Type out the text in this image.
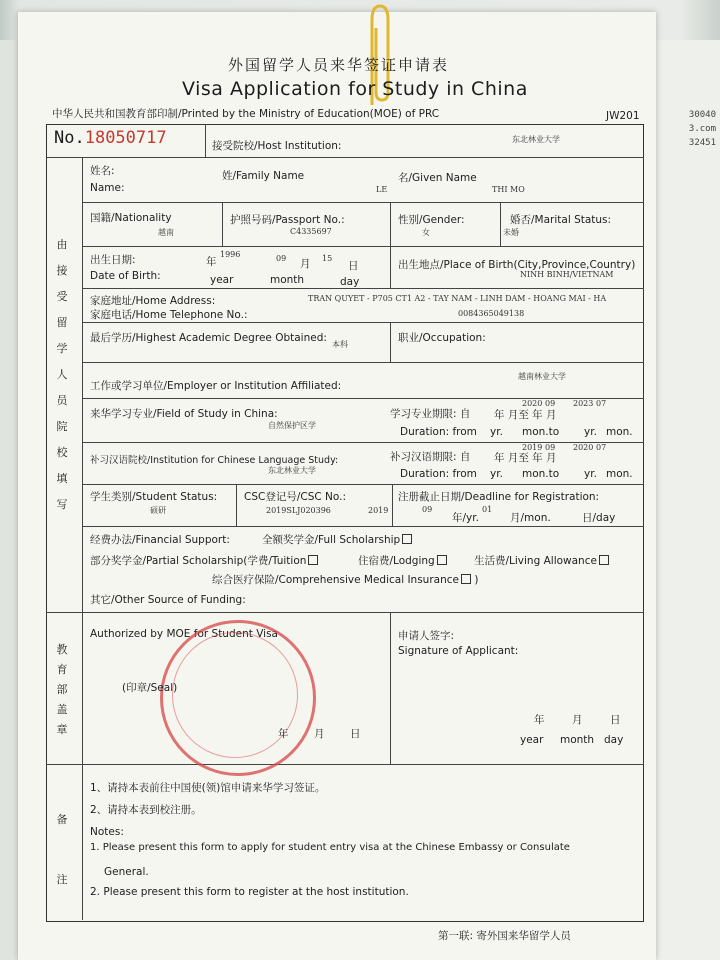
30040
3.com
32451
外国留学人员来华签证申请表
Visa Application for Study in China
中华人民共和国教育部印制/Printed by the Ministry of Education(MOE) of PRC	JW201
No.18050717	接受院校/Host Institution:
东北林业大学
由接受留学人员院校填写
教育部盖章
备注
姓名:
Name:
姓/Family Name
LE
名/Given Name
THI MO
国籍/Nationality
越南
护照号码/Passport No.:
C4335697
性别/Gender:
女
婚否/Marital Status:
未婚
出生日期:
Date of Birth:
年
1996	09 月 15
日
year	month	day
出生地点/Place of Birth(City,Province,Country)
NINH BINH/VIETNAM
家庭地址/Home Address:	TRAN QUYET - P705 CT1 A2 - TAY NAM - LINH DAM - HOANG MAI - HA
家庭电话/Home Telephone No.:	0084365049138
最后学历/Highest Academic Degree Obtained:
本科
职业/Occupation:
工作或学习单位/Employer or Institution Affiliated:
越南林业大学
来华学习专业/Field of Study in China:
自然保护区学
学习专业期限: 自 年 月至 年 月
2020 09 2023 07
Duration: from yr. mon.to yr. mon.
补习汉语院校/Institution for Chinese Language Study:
东北林业大学
补习汉语期限: 自 年 月至 年 月
2019 09 2020 07
Duration: from yr. mon.to yr. mon.
学生类别/Student Status:
硕研
CSC登记号/CSC No.:
2019SLJ020396	2019
注册截止日期/Deadline for Registration:
09	01
年/yr.	月/mon.	日/day
经费办法/Financial Support:	全额奖学金/Full Scholarship
部分奖学金/Partial Scholarship(学费/Tuition	住宿费/Lodging	生活费/Living Allowance
综合医疗保险/Comprehensive Medical Insurance )
其它/Other Source of Funding:
Authorized by MOE for Student Visa
(印章/Seal)
年 月 日
申请人签字:
Signature of Applicant:
年	月	日
year month day
1、请持本表前往中国使(领)馆申请来华学习签证。
2、请持本表到校注册。
Notes:
1. Please present this form to apply for student entry visa at the Chinese Embassy or Consulate
General.
2. Please present this form to register at the host institution.
第一联: 寄外国来华留学人员
